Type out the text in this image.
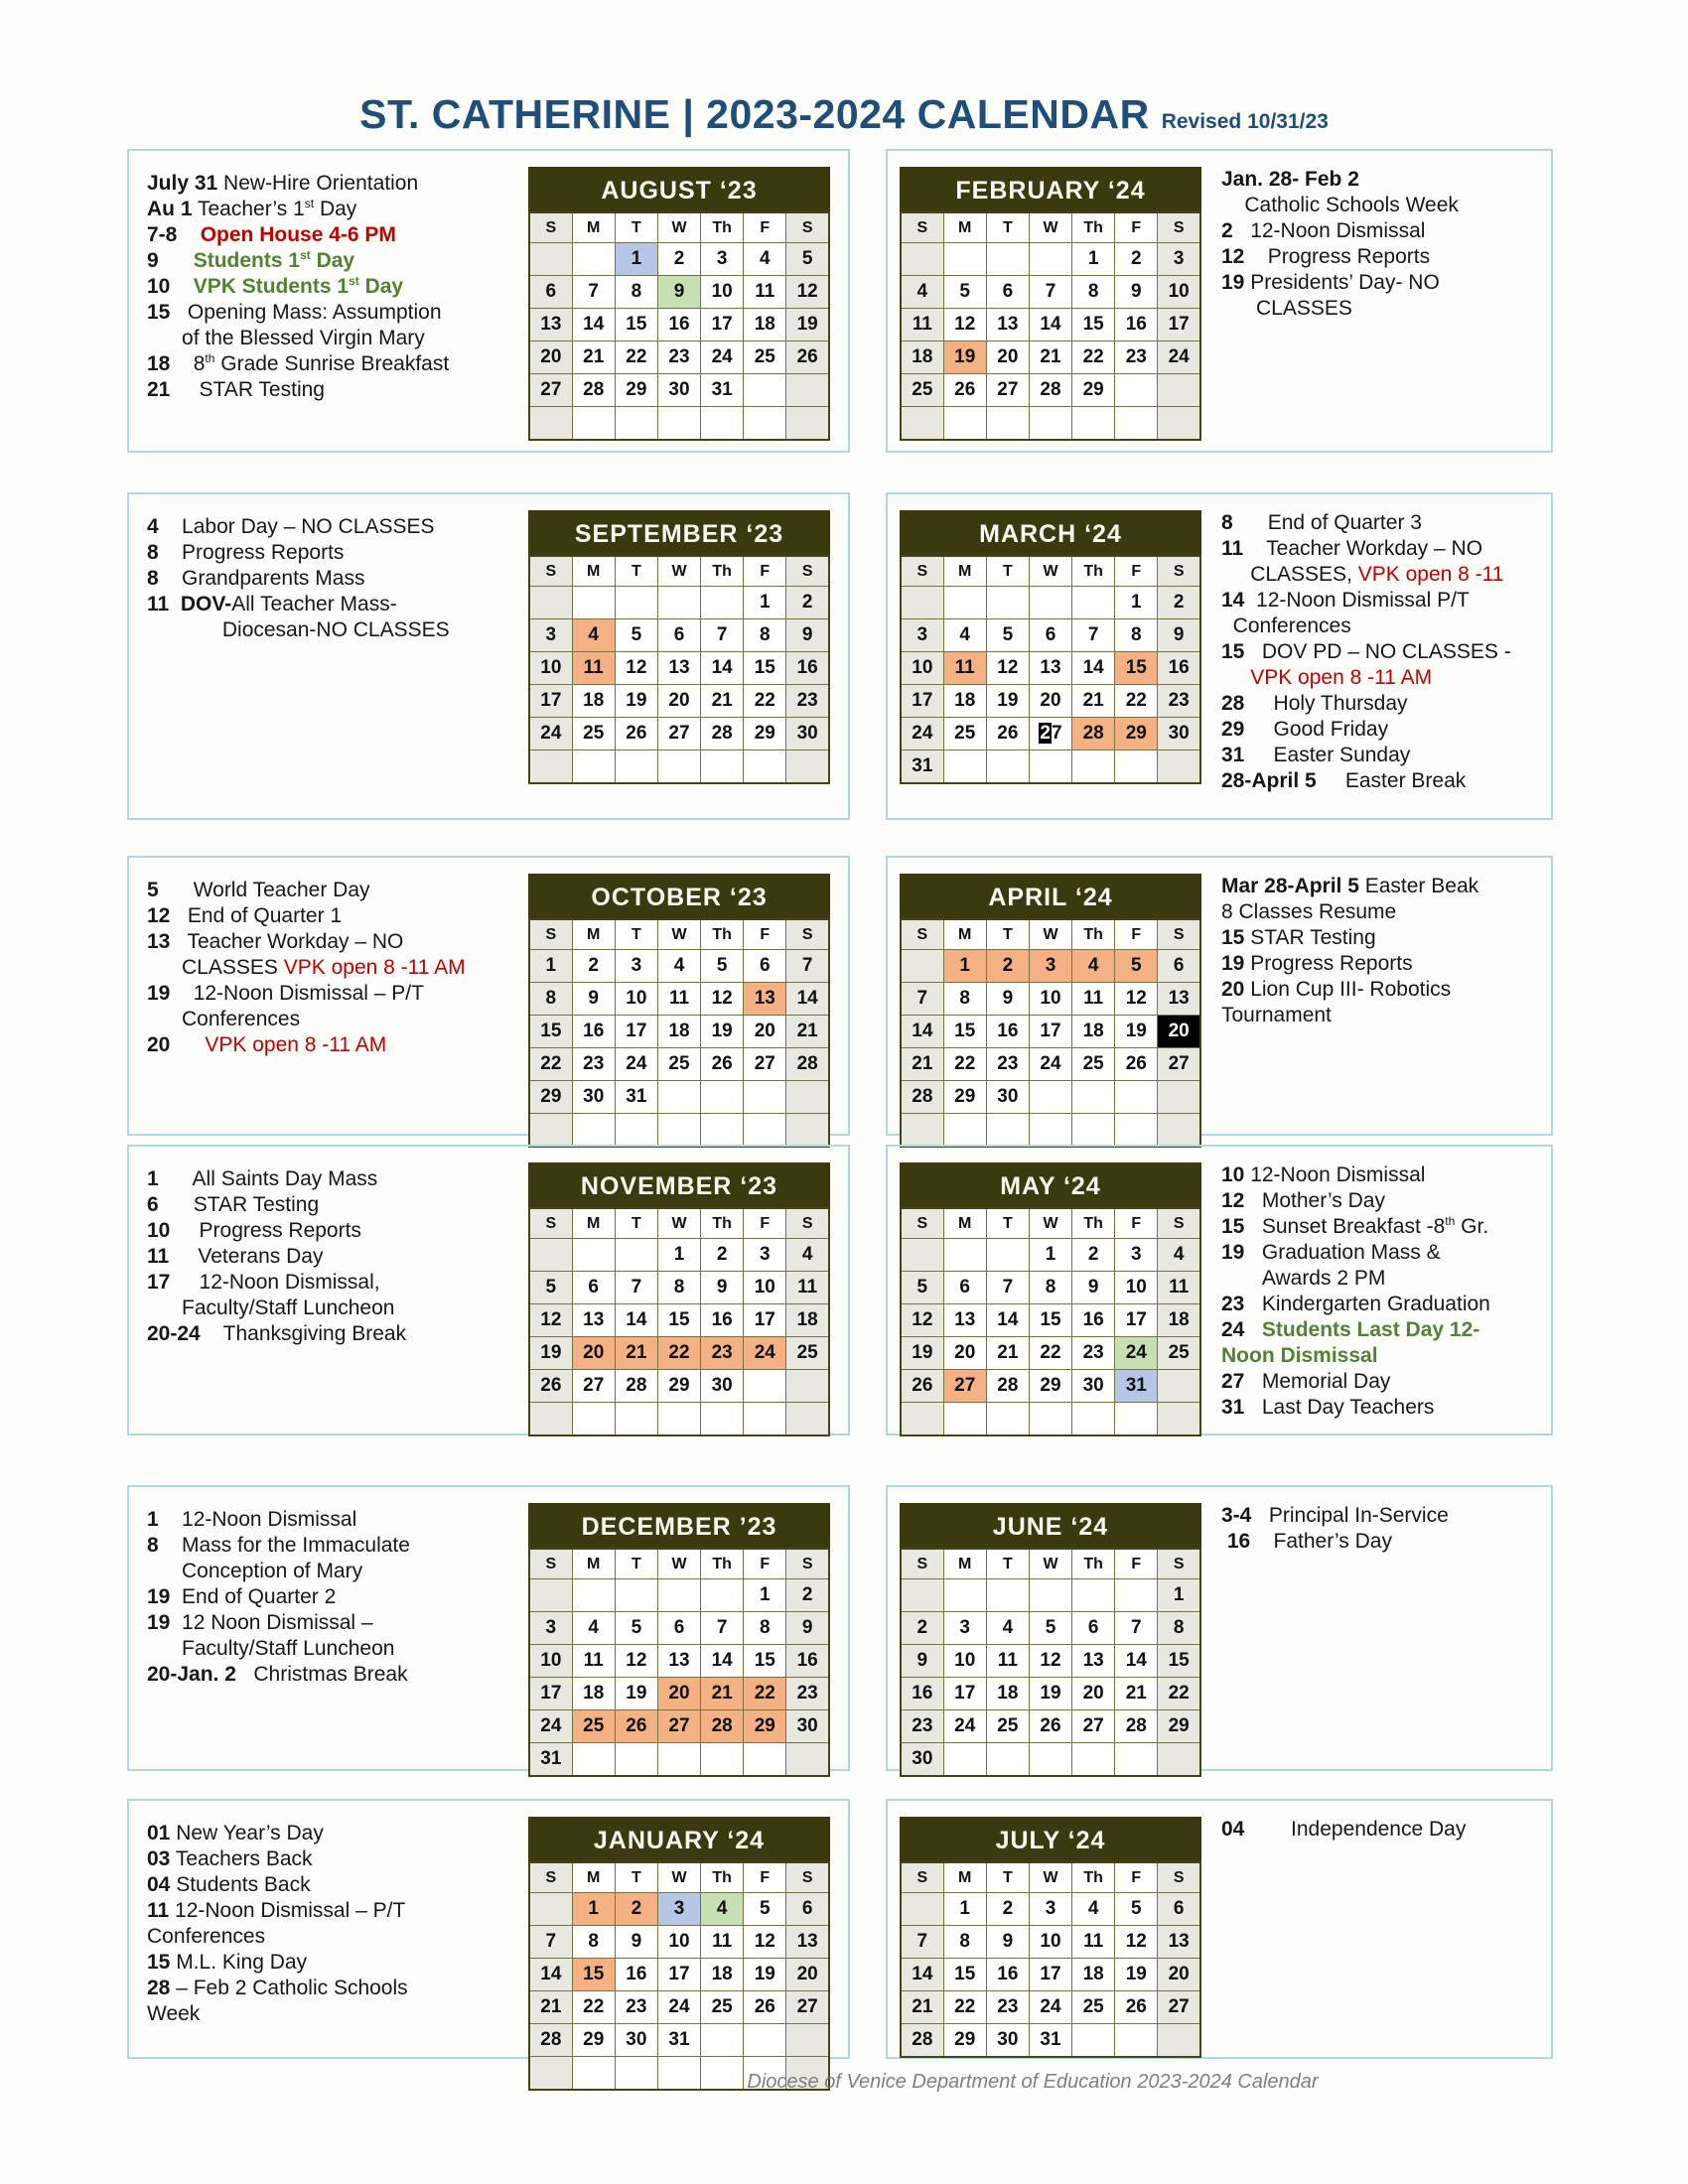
ST. CATHERINE | 2023-2024 CALENDAR Revised 10/31/23
July 31 New-Hire Orientation
Au 1 Teacher’s 1st Day
7-8 Open House 4-6 PM
9 Students 1st Day
10 VPK Students 1st Day
15   Opening Mass: Assumption
of the Blessed Virgin Mary
18    8th Grade Sunrise Breakfast
21     STAR Testing
AUGUST ‘23
S	M	T	W	Th	F	S
		1	2	3	4	5
6	7	8	9	10	11	12
13	14	15	16	17	18	19
20	21	22	23	24	25	26
27	28	29	30	31		

FEBRUARY ‘24
S	M	T	W	Th	F	S
				1	2	3
4	5	6	7	8	9	10
11	12	13	14	15	16	17
18	19	20	21	22	23	24
25	26	27	28	29		

Jan. 28- Feb 2
Catholic Schools Week
2   12-Noon Dismissal
12    Progress Reports
19 Presidents’ Day- NO
CLASSES
4    Labor Day – NO CLASSES
8    Progress Reports
8    Grandparents Mass
11 DOV-All Teacher Mass-
Diocesan-NO CLASSES
SEPTEMBER ‘23
S	M	T	W	Th	F	S
					1	2
3	4	5	6	7	8	9
10	11	12	13	14	15	16
17	18	19	20	21	22	23
24	25	26	27	28	29	30

MARCH ‘24
S	M	T	W	Th	F	S
					1	2
3	4	5	6	7	8	9
10	11	12	13	14	15	16
17	18	19	20	21	22	23
24	25	26	27	28	29	30
31						
8      End of Quarter 3
11    Teacher Workday – NO
CLASSES, VPK open 8 -11
14  12-Noon Dismissal P/T
Conferences
15   DOV PD – NO CLASSES -
VPK open 8 -11 AM
28     Holy Thursday
29     Good Friday
31     Easter Sunday
28-April 5     Easter Break
5      World Teacher Day
12   End of Quarter 1
13   Teacher Workday – NO
CLASSES VPK open 8 -11 AM
19    12-Noon Dismissal – P/T
Conferences
20 VPK open 8 -11 AM
OCTOBER ‘23
S	M	T	W	Th	F	S
1	2	3	4	5	6	7
8	9	10	11	12	13	14
15	16	17	18	19	20	21
22	23	24	25	26	27	28
29	30	31				

APRIL ‘24
S	M	T	W	Th	F	S
	1	2	3	4	5	6
7	8	9	10	11	12	13
14	15	16	17	18	19	20
21	22	23	24	25	26	27
28	29	30				

Mar 28-April 5 Easter Beak
8 Classes Resume
15 STAR Testing
19 Progress Reports
20 Lion Cup III- Robotics
Tournament
1      All Saints Day Mass
6      STAR Testing
10     Progress Reports
11     Veterans Day
17     12-Noon Dismissal,
Faculty/Staff Luncheon
20-24    Thanksgiving Break
NOVEMBER ‘23
S	M	T	W	Th	F	S
			1	2	3	4
5	6	7	8	9	10	11
12	13	14	15	16	17	18
19	20	21	22	23	24	25
26	27	28	29	30		

MAY ‘24
S	M	T	W	Th	F	S
			1	2	3	4
5	6	7	8	9	10	11
12	13	14	15	16	17	18
19	20	21	22	23	24	25
26	27	28	29	30	31	

10 12-Noon Dismissal
12   Mother’s Day
15   Sunset Breakfast -8th Gr.
19   Graduation Mass &
Awards 2 PM
23   Kindergarten Graduation
24 Students Last Day 12-
Noon Dismissal
27   Memorial Day
31   Last Day Teachers
1    12-Noon Dismissal
8    Mass for the Immaculate
Conception of Mary
19  End of Quarter 2
19  12 Noon Dismissal –
Faculty/Staff Luncheon
20-Jan. 2   Christmas Break
DECEMBER ’23
S	M	T	W	Th	F	S
					1	2
3	4	5	6	7	8	9
10	11	12	13	14	15	16
17	18	19	20	21	22	23
24	25	26	27	28	29	30
31						
JUNE ‘24
S	M	T	W	Th	F	S
						1
2	3	4	5	6	7	8
9	10	11	12	13	14	15
16	17	18	19	20	21	22
23	24	25	26	27	28	29
30						
3-4   Principal In-Service
16    Father’s Day
01 New Year’s Day
03 Teachers Back
04 Students Back
11 12-Noon Dismissal – P/T
Conferences
15 M.L. King Day
28 – Feb 2 Catholic Schools
Week
JANUARY ‘24
S	M	T	W	Th	F	S
	1	2	3	4	5	6
7	8	9	10	11	12	13
14	15	16	17	18	19	20
21	22	23	24	25	26	27
28	29	30	31			

JULY ‘24
S	M	T	W	Th	F	S
	1	2	3	4	5	6
7	8	9	10	11	12	13
14	15	16	17	18	19	20
21	22	23	24	25	26	27
28	29	30	31			
04        Independence Day
Diocese of Venice Department of Education 2023-2024 Calendar
